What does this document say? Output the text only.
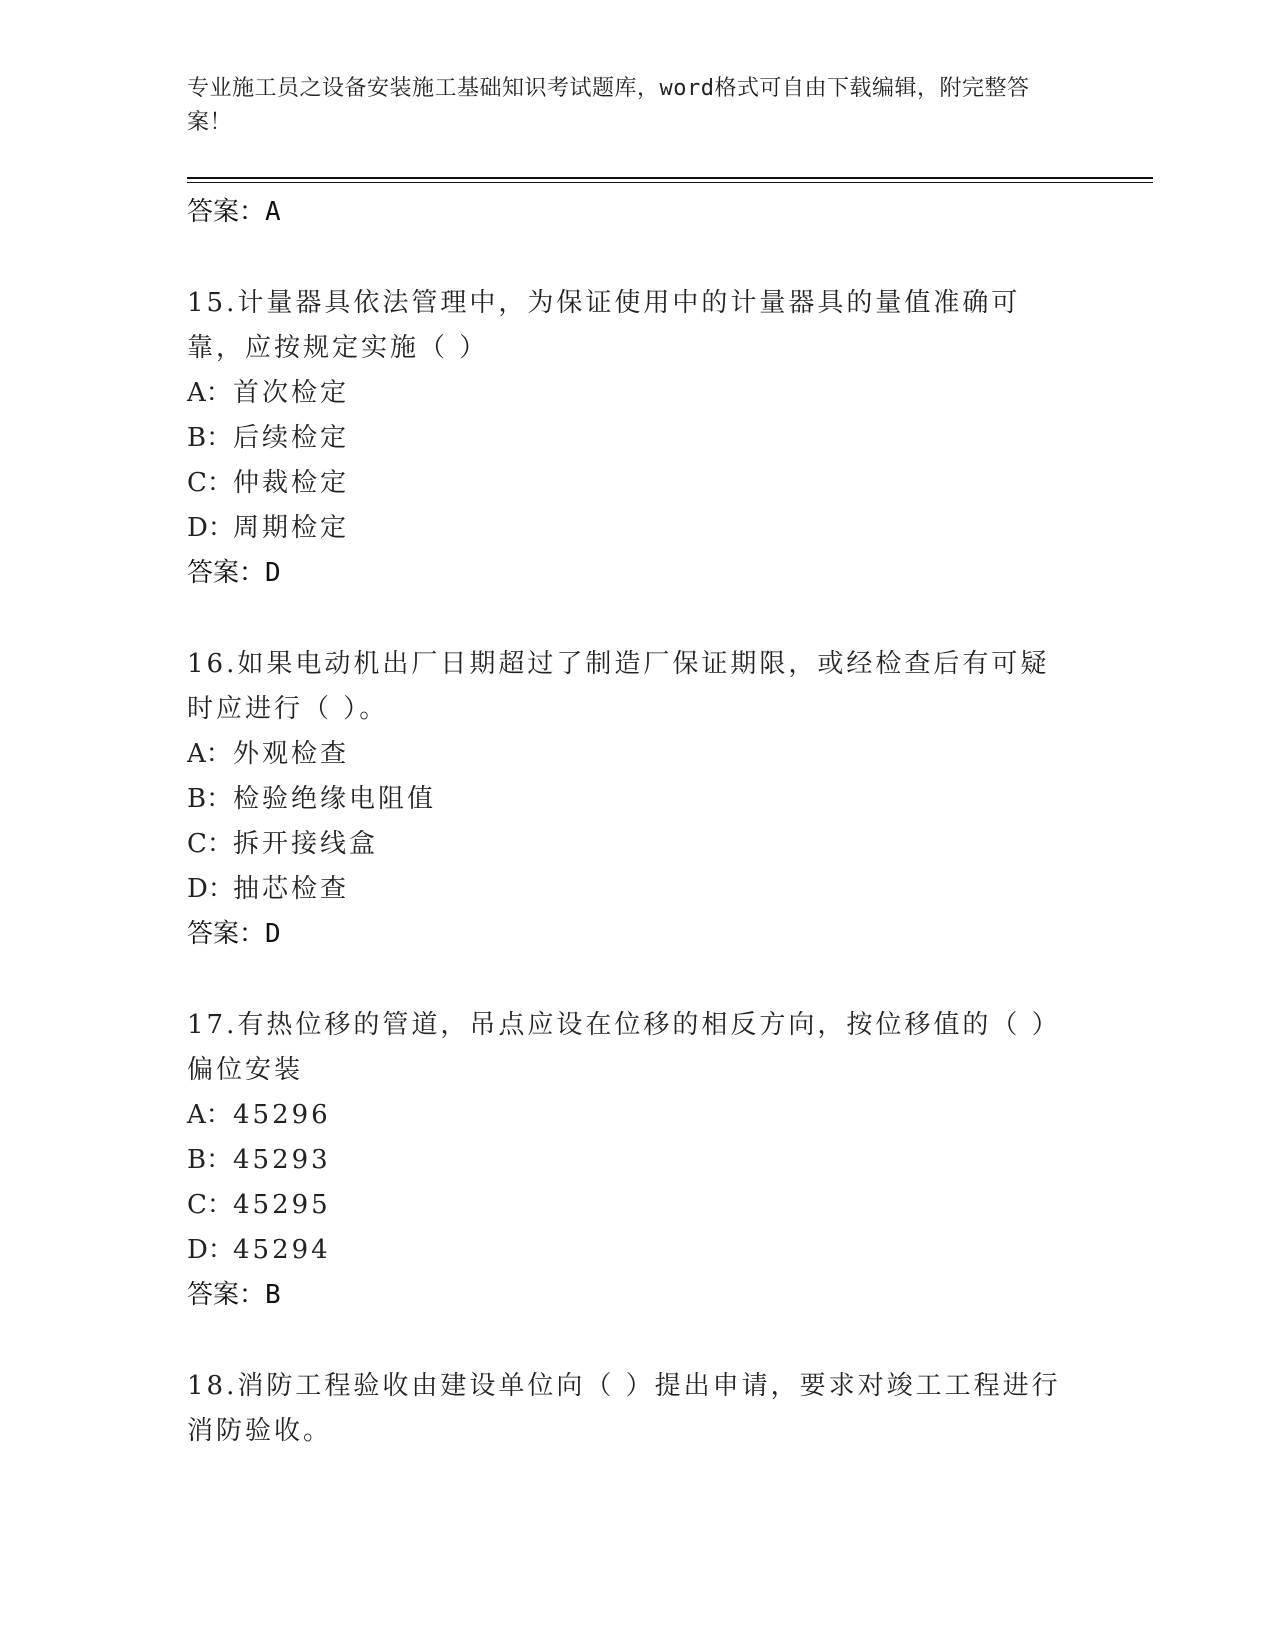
专业施工员之设备安装施工基础知识考试题库，word格式可自由下载编辑，附完整答案！
答案：A
15.计量器具依法管理中，为保证使用中的计量器具的量值准确可靠，应按规定实施（ ）
A：首次检定
B：后续检定
C：仲裁检定
D：周期检定
答案：D
16.如果电动机出厂日期超过了制造厂保证期限，或经检查后有可疑时应进行（ ）。
A：外观检查
B：检验绝缘电阻值
C：拆开接线盒
D：抽芯检查
答案：D
17.有热位移的管道，吊点应设在位移的相反方向，按位移值的（ ）偏位安装
A：45296
B：45293
C：45295
D：45294
答案：B
18.消防工程验收由建设单位向（ ）提出申请，要求对竣工工程进行消防验收。
